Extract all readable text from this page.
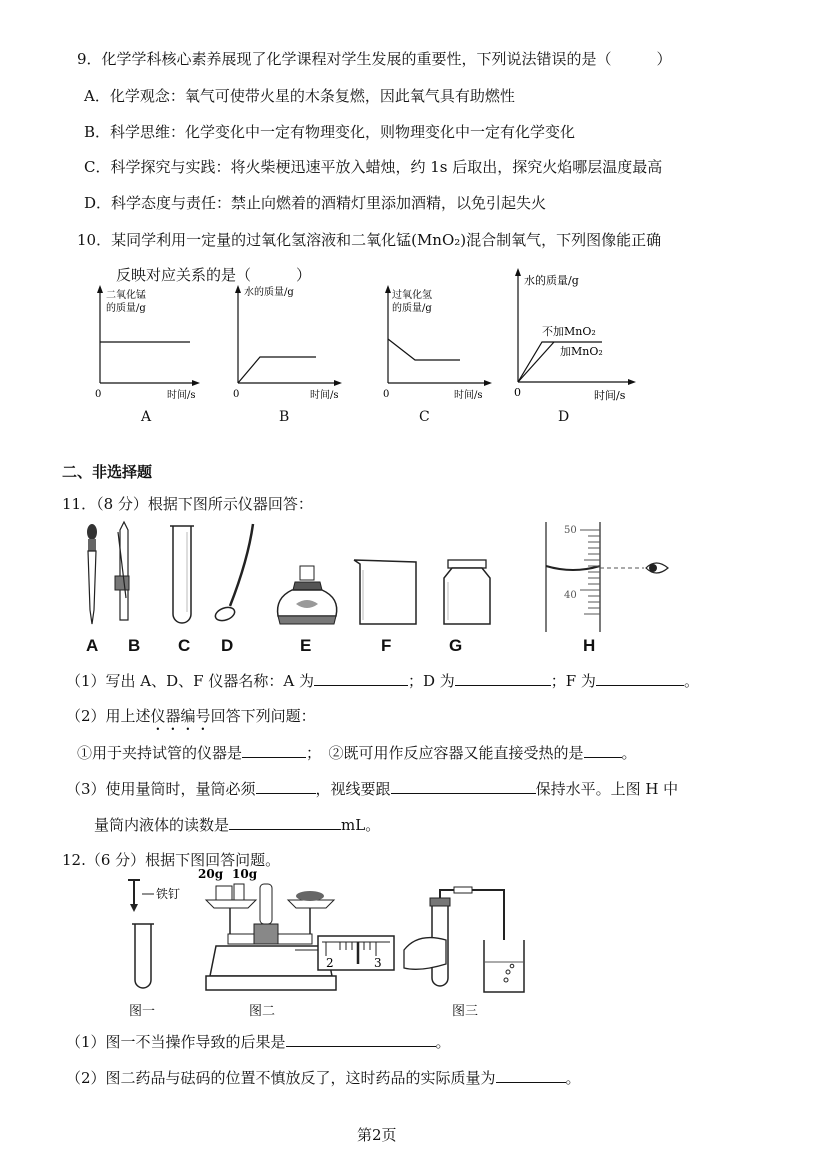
9．化学学科核心素养展现了化学课程对学生发展的重要性，下列说法错误的是（　　　）
A．化学观念：氧气可使带火星的木条复燃，因此氧气具有助燃性
B．科学思维：化学变化中一定有物理变化，则物理变化中一定有化学变化
C．科学探究与实践：将火柴梗迅速平放入蜡烛，约 1s 后取出，探究火焰哪层温度最高
D．科学态度与责任：禁止向燃着的酒精灯里添加酒精，以免引起失火
10．某同学利用一定量的过氧化氢溶液和二氧化锰(MnO₂)混合制氧气，下列图像能正确
反映对应关系的是（　　　）
二氧化锰
的质量/g
0	时间/s
A
水的质量/g
0	时间/s
B
过氧化氢
的质量/g
0	时间/s
C
水的质量/g
不加MnO₂
加MnO₂
0	时间/s
D
二、非选择题
11．（8 分）根据下图所示仪器回答：
50
40
A B C D	E	F	G	H
（1）写出 A、D、F 仪器名称：A 为	；D 为	；F 为	。
（2）用上述仪器编号回答下列问题：
①用于夹持试管的仪器是	；　②既可用作反应容器又能直接受热的是	。
（3）使用量筒时，量筒必须	，视线要跟	保持水平。上图 H 中
量筒内液体的读数是	mL。
12.（6 分）根据下图回答问题。
铁钉
20g 10g
2	3
图一	图二	图三
（1）图一不当操作导致的后果是	。
（2）图二药品与砝码的位置不慎放反了，这时药品的实际质量为	。
第2页
